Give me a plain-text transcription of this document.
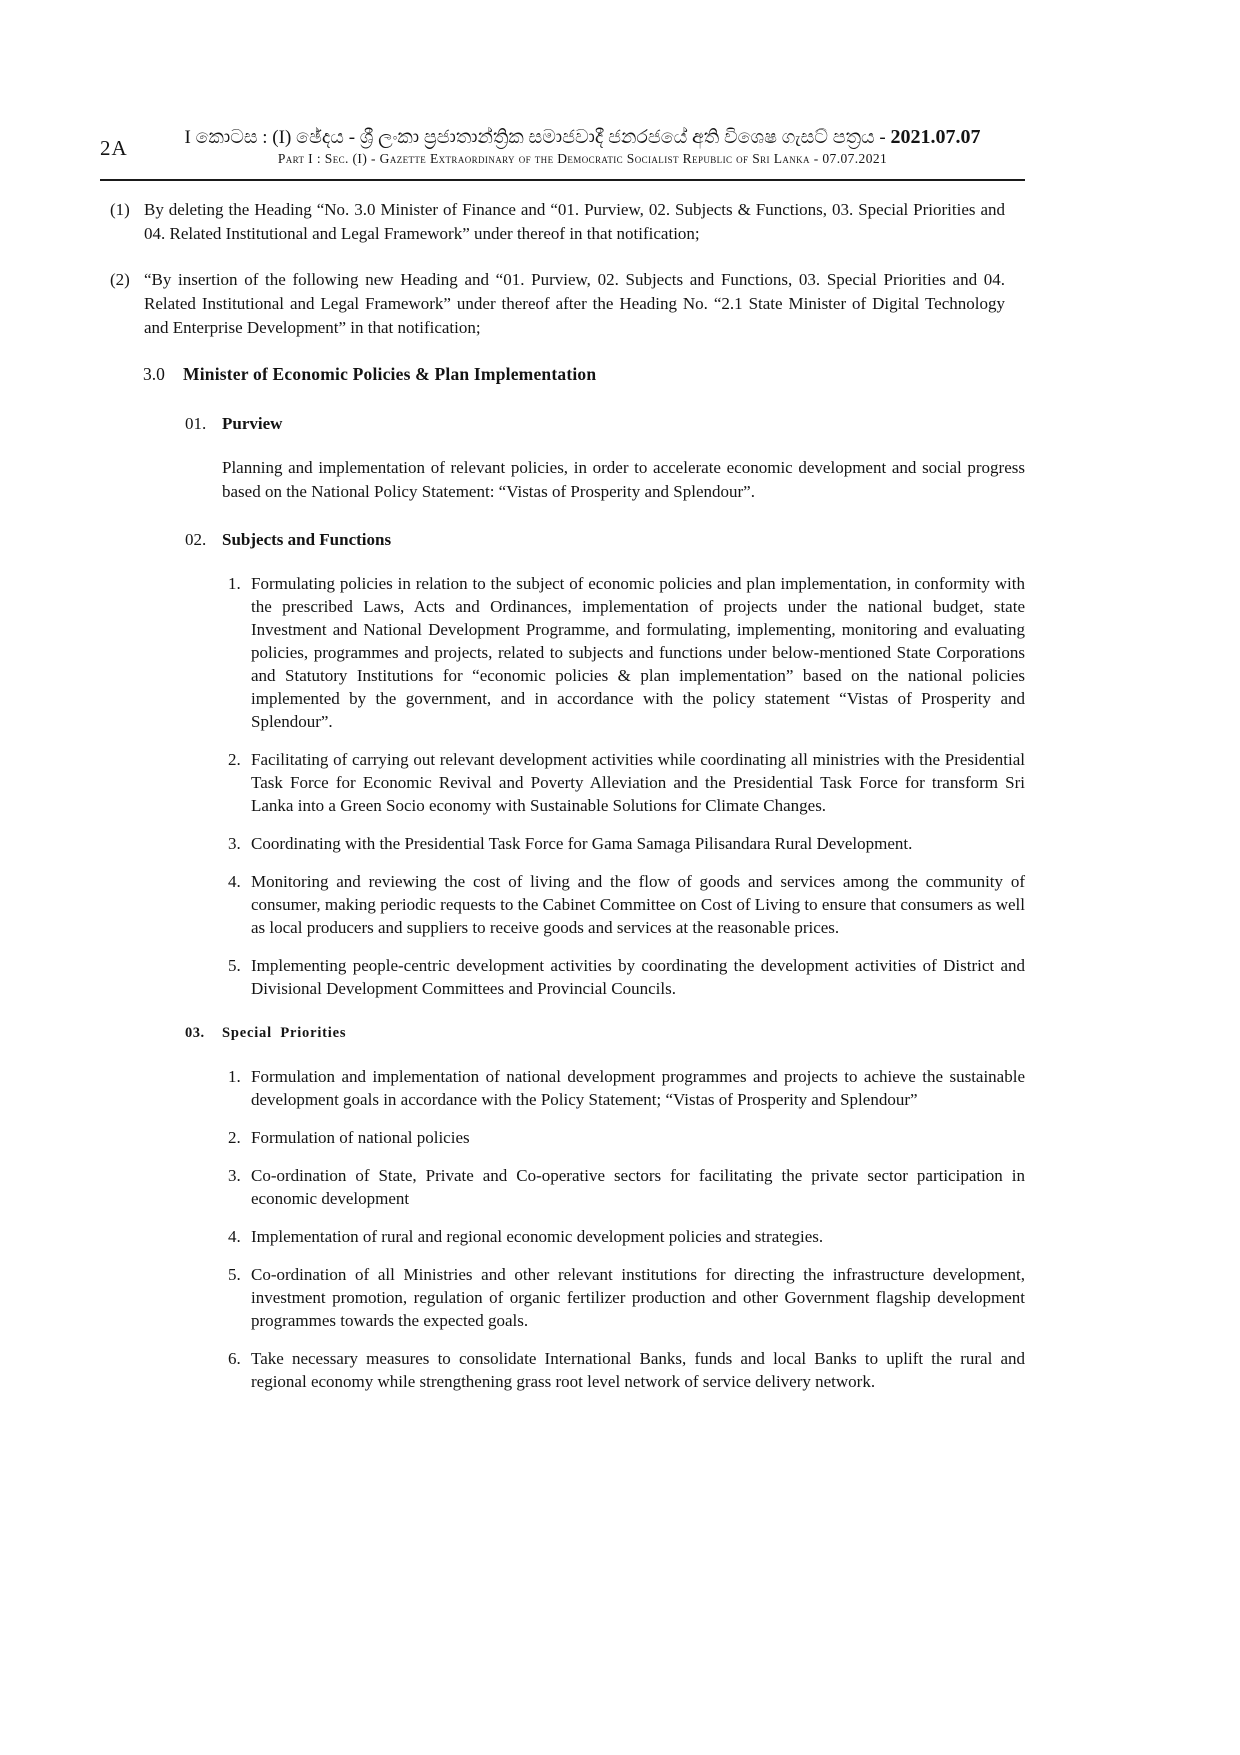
2A	I කොටස : (I) ඡේදය - ශ්‍රී ලංකා ප්‍රජාතාන්ත්‍රික සමාජවාදී ජනරජයේ අති විශෙෂ ගැසට් පත්‍රය - 2021.07.07
Part I : Sec. (I) - Gazette Extraordinary of the Democratic Socialist Republic of Sri Lanka - 07.07.2021
(1) By deleting the Heading “No. 3.0 Minister of Finance and “01. Purview, 02. Subjects & Functions, 03. Special Priorities and 04. Related Institutional and Legal Framework” under thereof in that notification;
(2) “By insertion of the following new Heading and “01. Purview, 02. Subjects and Functions, 03. Special Priorities and 04. Related Institutional and Legal Framework” under thereof after the Heading No. “2.1 State Minister of Digital Technology and Enterprise Development” in that notification;
3.0	Minister of Economic Policies & Plan Implementation
01. Purview
Planning and implementation of relevant policies, in order to accelerate economic development and social progress based on the National Policy Statement: “Vistas of Prosperity and Splendour”.
02. Subjects and Functions
1. Formulating policies in relation to the subject of economic policies and plan implementation, in conformity with the prescribed Laws, Acts and Ordinances, implementation of projects under the national budget, state Investment and National Development Programme, and formulating, implementing, monitoring and evaluating policies, programmes and projects, related to subjects and functions under below-mentioned State Corporations and Statutory Institutions for “economic policies & plan implementation” based on the national policies implemented by the government, and in accordance with the policy statement “Vistas of Prosperity and Splendour”.
2. Facilitating of carrying out relevant development activities while coordinating all ministries with the Presidential Task Force for Economic Revival and Poverty Alleviation and the Presidential Task Force for transform Sri Lanka into a Green Socio economy with Sustainable Solutions for Climate Changes.
3. Coordinating with the Presidential Task Force for Gama Samaga Pilisandara Rural Development.
4. Monitoring and reviewing the cost of living and the flow of goods and services among the community of consumer, making periodic requests to the Cabinet Committee on Cost of Living to ensure that consumers as well as local producers and suppliers to receive goods and services at the reasonable prices.
5. Implementing people-centric development activities by coordinating the development activities of District and Divisional Development Committees and Provincial Councils.
03.	Special Priorities
1. Formulation and implementation of national development programmes and projects to achieve the sustainable development goals in accordance with the Policy Statement; “Vistas of Prosperity and Splendour”
2. Formulation of national policies
3. Co-ordination of State, Private and Co-operative sectors for facilitating the private sector participation in economic development
4. Implementation of rural and regional economic development policies and strategies.
5. Co-ordination of all Ministries and other relevant institutions for directing the infrastructure development, investment promotion, regulation of organic fertilizer production and other Government flagship development programmes towards the expected goals.
6. Take necessary measures to consolidate International Banks, funds and local Banks to uplift the rural and regional economy while strengthening grass root level network of service delivery network.
